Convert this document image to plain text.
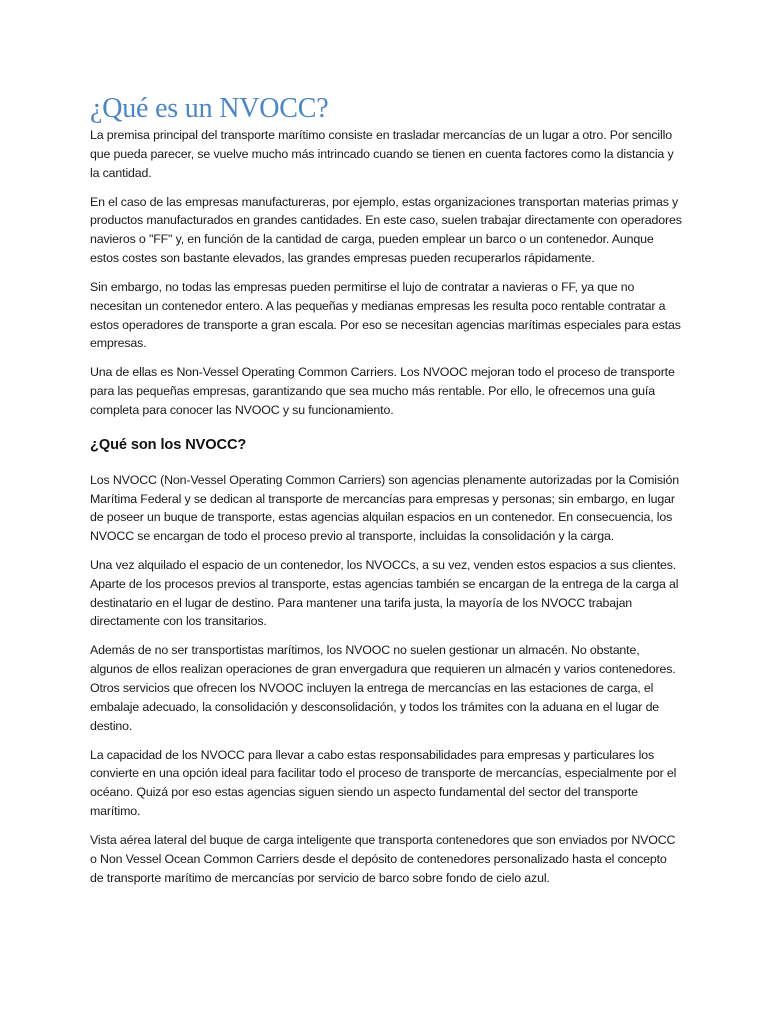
¿Qué es un NVOCC?

La premisa principal del transporte marítimo consiste en trasladar mercancías de un lugar a otro. Por sencillo que pueda parecer, se vuelve mucho más intrincado cuando se tienen en cuenta factores como la distancia y la cantidad.

En el caso de las empresas manufactureras, por ejemplo, estas organizaciones transportan materias primas y productos manufacturados en grandes cantidades. En este caso, suelen trabajar directamente con operadores navieros o "FF" y, en función de la cantidad de carga, pueden emplear un barco o un contenedor. Aunque estos costes son bastante elevados, las grandes empresas pueden recuperarlos rápidamente.

Sin embargo, no todas las empresas pueden permitirse el lujo de contratar a navieras o FF, ya que no necesitan un contenedor entero. A las pequeñas y medianas empresas les resulta poco rentable contratar a estos operadores de transporte a gran escala. Por eso se necesitan agencias marítimas especiales para estas empresas.

Una de ellas es Non-Vessel Operating Common Carriers. Los NVOOC mejoran todo el proceso de transporte para las pequeñas empresas, garantizando que sea mucho más rentable. Por ello, le ofrecemos una guía completa para conocer las NVOOC y su funcionamiento.

¿Qué son los NVOCC?

Los NVOCC (Non-Vessel Operating Common Carriers) son agencias plenamente autorizadas por la Comisión Marítima Federal y se dedican al transporte de mercancías para empresas y personas; sin embargo, en lugar de poseer un buque de transporte, estas agencias alquilan espacios en un contenedor. En consecuencia, los NVOCC se encargan de todo el proceso previo al transporte, incluidas la consolidación y la carga.

Una vez alquilado el espacio de un contenedor, los NVOCCs, a su vez, venden estos espacios a sus clientes. Aparte de los procesos previos al transporte, estas agencias también se encargan de la entrega de la carga al destinatario en el lugar de destino. Para mantener una tarifa justa, la mayoría de los NVOCC trabajan directamente con los transitarios.

Además de no ser transportistas marítimos, los NVOOC no suelen gestionar un almacén. No obstante, algunos de ellos realizan operaciones de gran envergadura que requieren un almacén y varios contenedores. Otros servicios que ofrecen los NVOOC incluyen la entrega de mercancías en las estaciones de carga, el embalaje adecuado, la consolidación y desconsolidación, y todos los trámites con la aduana en el lugar de destino.

La capacidad de los NVOCC para llevar a cabo estas responsabilidades para empresas y particulares los convierte en una opción ideal para facilitar todo el proceso de transporte de mercancías, especialmente por el océano. Quizá por eso estas agencias siguen siendo un aspecto fundamental del sector del transporte marítimo.

Vista aérea lateral del buque de carga inteligente que transporta contenedores que son enviados por NVOCC o Non Vessel Ocean Common Carriers desde el depósito de contenedores personalizado hasta el concepto de transporte marítimo de mercancías por servicio de barco sobre fondo de cielo azul.
